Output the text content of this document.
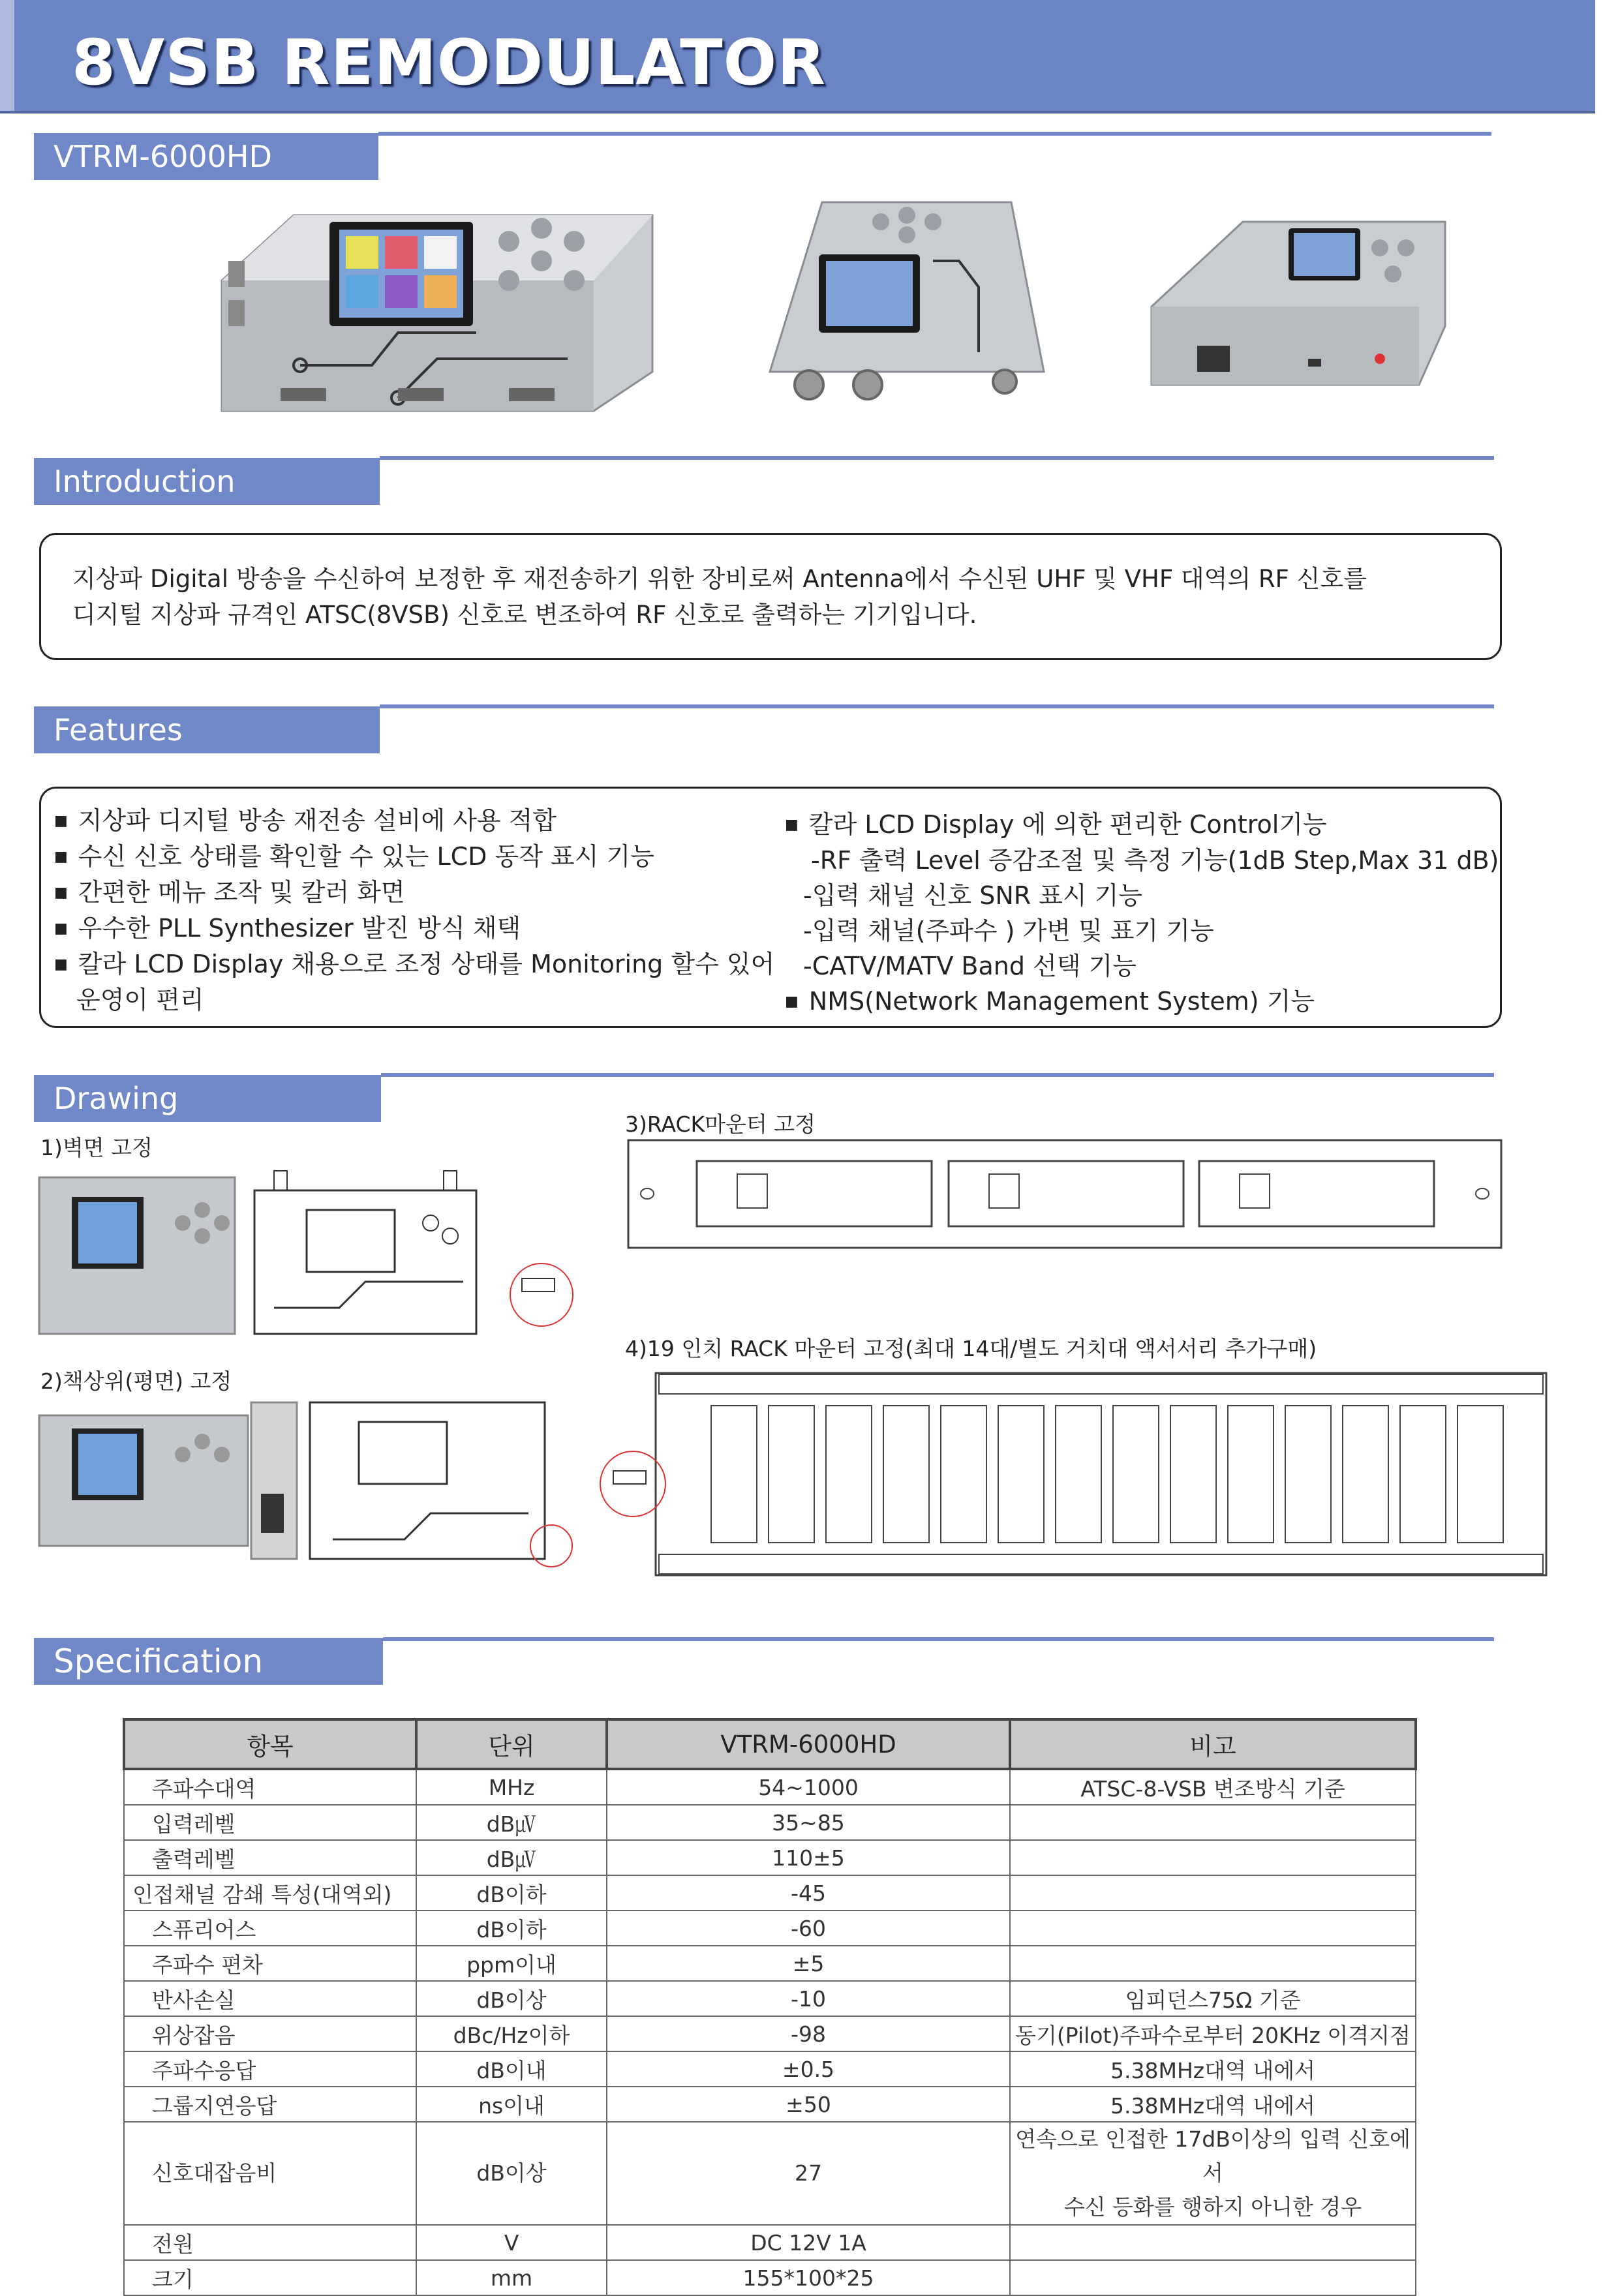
8VSB REMODULATOR
VTRM-6000HD
Introduction
지상파 Digital 방송을 수신하여 보정한 후 재전송하기 위한 장비로써 Antenna에서 수신된 UHF 및 VHF 대역의 RF 신호를
디지털 지상파 규격인 ATSC(8VSB) 신호로 변조하여 RF 신호로 출력하는 기기입니다.
Features
■ 지상파 디지털 방송 재전송 설비에 사용 적합
■ 수신 신호 상태를 확인할 수 있는 LCD 동작 표시 기능
■ 간편한 메뉴 조작 및 칼러 화면
■ 우수한 PLL Synthesizer 발진 방식 채택
■ 칼라 LCD Display 채용으로 조정 상태를 Monitoring 할수 있어
운영이 편리
■ 칼라 LCD Display 에 의한 편리한 Control기능
-RF 출력 Level 증감조절 및 측정 기능(1dB Step,Max 31 dB)
-입력 채널 신호 SNR 표시 기능
-입력 채널(주파수 ) 가변 및 표기 기능
-CATV/MATV Band 선택 기능
■ NMS(Network Management System) 기능
Drawing
1)벽면 고정
2)책상위(평면) 고정
3)RACK마운터 고정
4)19 인치 RACK 마운터 고정(최대 14대/별도 거치대 액서서리 추가구매)
Specification
항목	단위	VTRM-6000HD	비고
주파수대역	MHz	54~1000	ATSC-8-VSB 변조방식 기준
입력레벨	dB㎶	35~85	
출력레벨	dB㎶	110±5	
인접채널 감쇄 특성(대역외)	dB이하	-45	
스퓨리어스	dB이하	-60	
주파수 편차	ppm이내	±5	
반사손실	dB이상	-10	임피던스75Ω 기준
위상잡음	dBc/Hz이하	-98	동기(Pilot)주파수로부터 20KHz 이격지점
주파수응답	dB이내	±0.5	5.38MHz대역 내에서
그룹지연응답	ns이내	±50	5.38MHz대역 내에서
신호대잡음비	dB이상	27	연속으로 인접한 17dB이상의 입력 신호에서
수신 등화를 행하지 아니한 경우

전원	V	DC 12V 1A	
크기	mm	155*100*25	
